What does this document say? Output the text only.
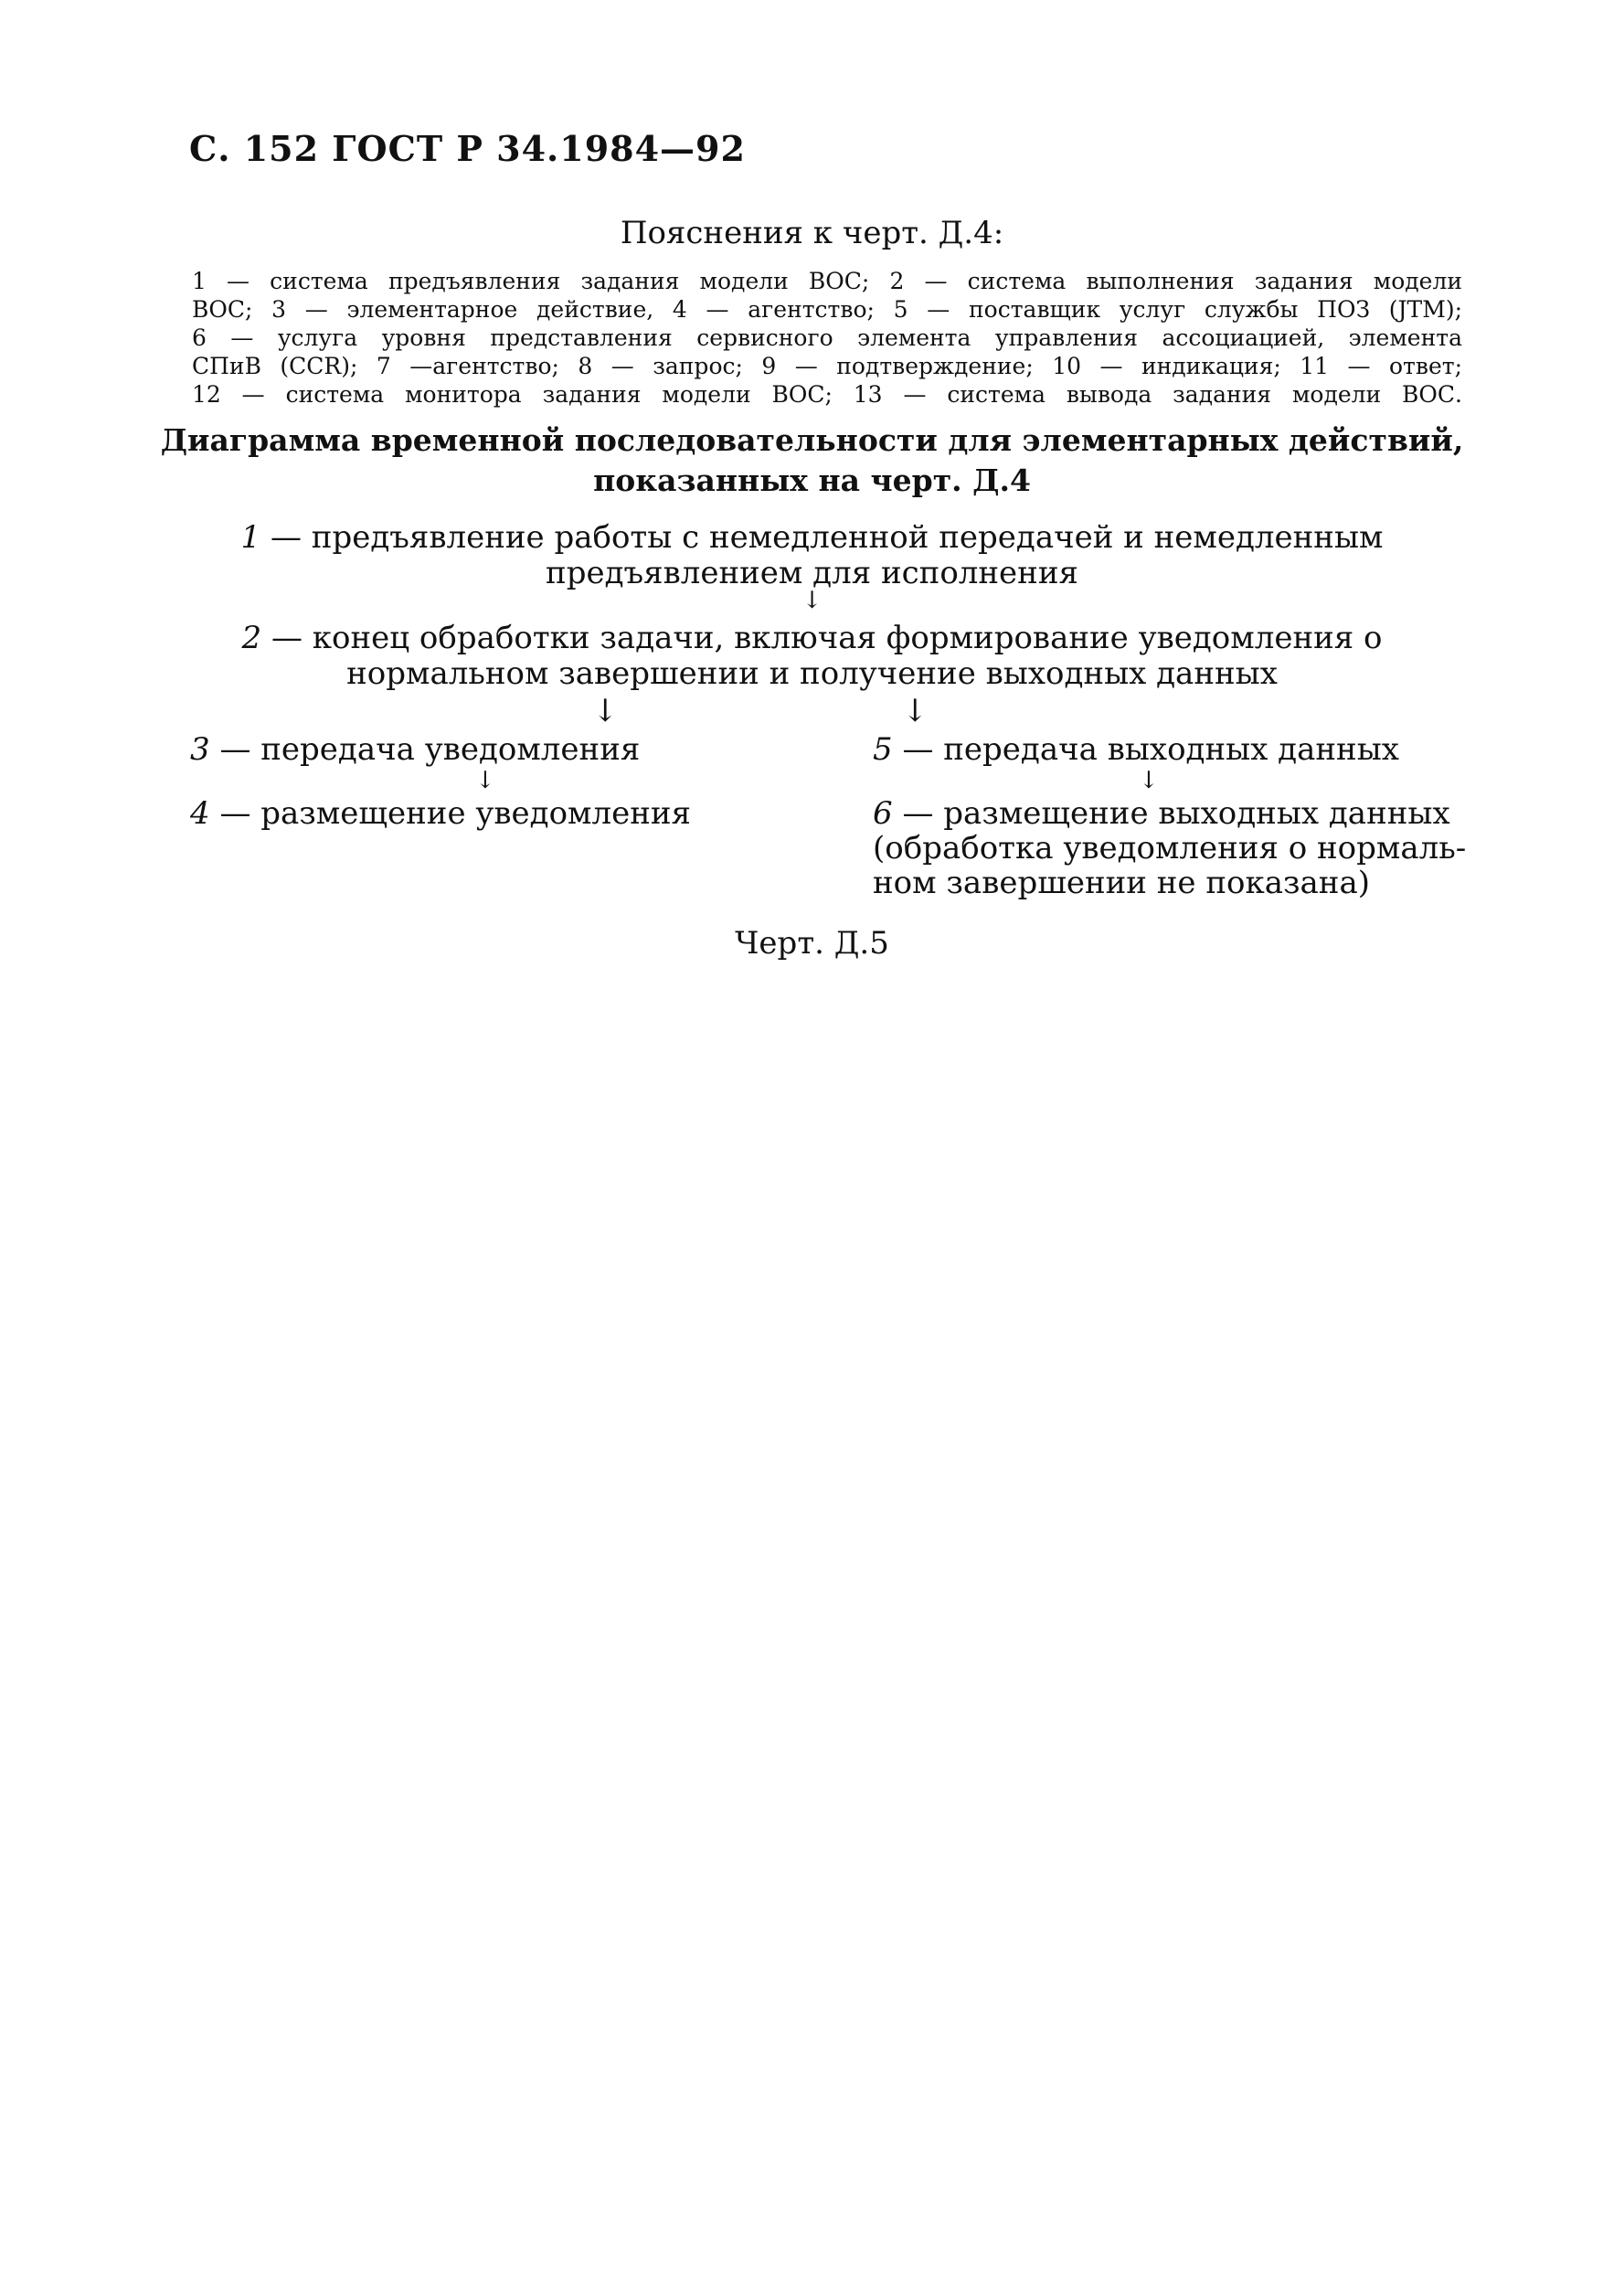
С. 152 ГОСТ Р 34.1984—92
Пояснения к черт. Д.4:

1 — система предъявления задания модели ВОС; 2 — система выполнения задания модели

ВОС; 3 — элементарное действие, 4 — агентство; 5 — поставщик услуг службы ПОЗ (JTM);

6 — услуга уровня представления сервисного элемента управления ассоциацией, элемента

СПиВ (CCR); 7 —агентство; 8 — запрос; 9 — подтверждение; 10 — индикация; 11 — ответ;

12 — система монитора задания модели ВОС; 13 — система вывода задания модели ВОС.

Диаграмма временной последовательности для элементарных действий,
показанных на черт. Д.4
1 — предъявление работы с немедленной передачей и немедленным
предъявлением для исполнения
↓
2 — конец обработки задачи, включая формирование уведомления о
нормальном завершении и получение выходных данных
↓	↓
3 — передача уведомления
↓
4 — размещение уведомления
5 — передача выходных данных
↓
6 — размещение выходных данных
(обработка уведомления о нормаль-
ном завершении не показана)
Черт. Д.5
